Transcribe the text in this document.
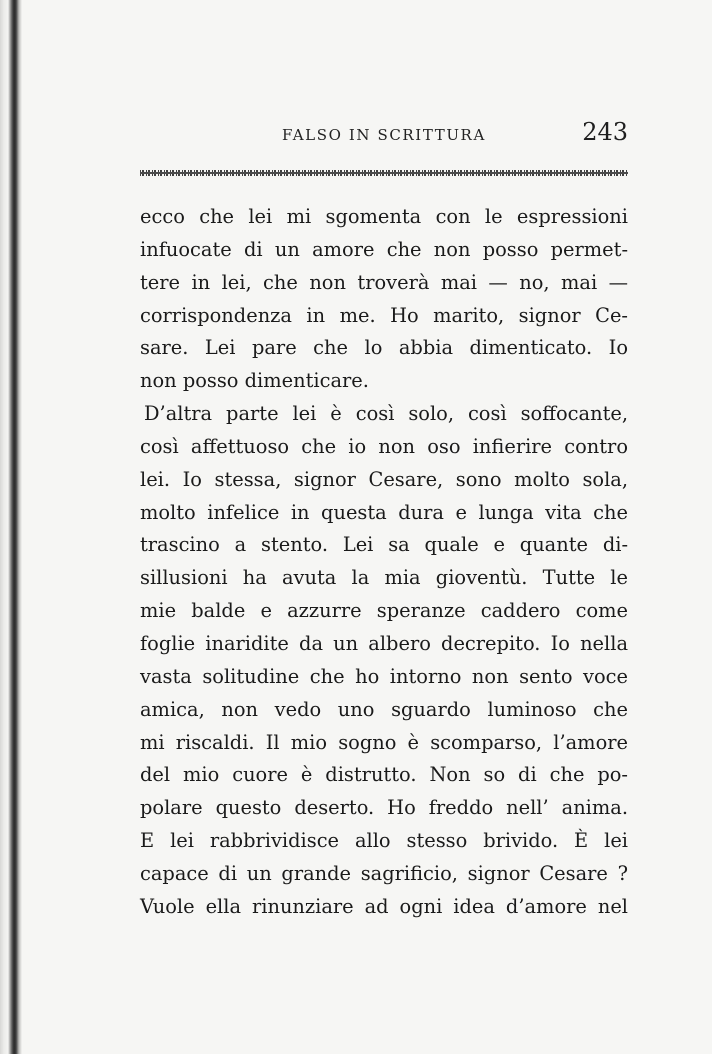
FALSO IN SCRITTURA	243
ecco che lei mi sgomenta con le espressioni
infuocate di un amore che non posso permet-
tere in lei, che non troverà mai — no, mai —
corrispondenza in me. Ho marito, signor Ce-
sare. Lei pare che lo abbia dimenticato. Io
non posso dimenticare.
D’altra parte lei è così solo, così soffocante,
così affettuoso che io non oso infierire contro
lei. Io stessa, signor Cesare, sono molto sola,
molto infelice in questa dura e lunga vita che
trascino a stento. Lei sa quale e quante di-
sillusioni ha avuta la mia gioventù. Tutte le
mie balde e azzurre speranze caddero come
foglie inaridite da un albero decrepito. Io nella
vasta solitudine che ho intorno non sento voce
amica, non vedo uno sguardo luminoso che
mi riscaldi. Il mio sogno è scomparso, l’amore
del mio cuore è distrutto. Non so di che po-
polare questo deserto. Ho freddo nell’ anima.
E lei rabbrividisce allo stesso brivido. È lei
capace di un grande sagrificio, signor Cesare ?
Vuole ella rinunziare ad ogni idea d’amore nel
